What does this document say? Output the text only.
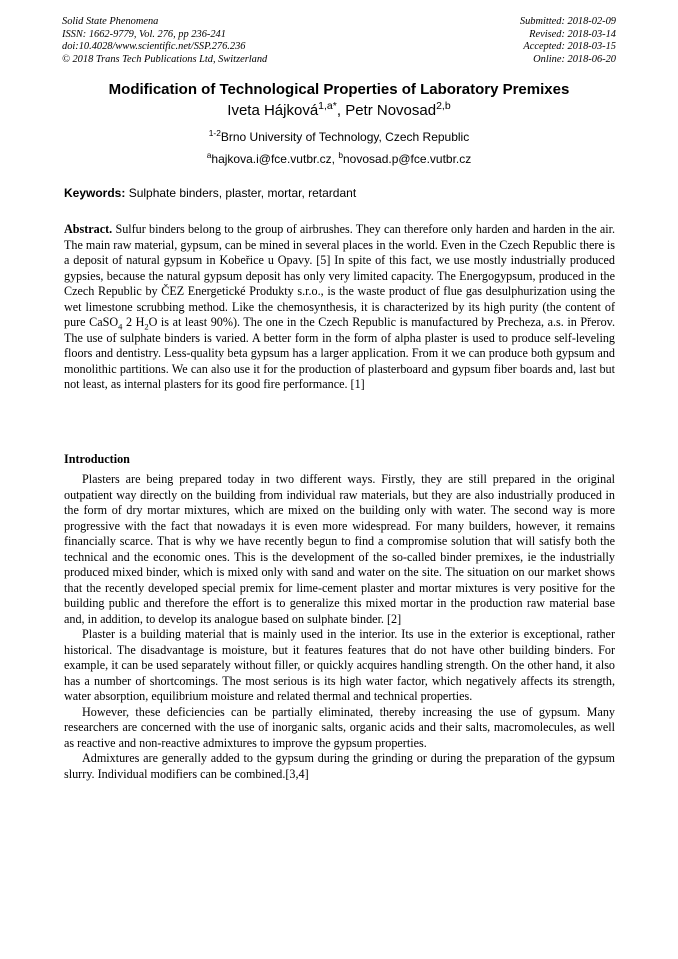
Solid State Phenomena
ISSN: 1662-9779, Vol. 276, pp 236-241
doi:10.4028/www.scientific.net/SSP.276.236
© 2018 Trans Tech Publications Ltd, Switzerland
Submitted: 2018-02-09
Revised: 2018-03-14
Accepted: 2018-03-15
Online: 2018-06-20
Modification of Technological Properties of Laboratory Premixes
Iveta Hájková$^{1,a*}$, Petr Novosad$^{2,b}$
$^{1-2}$Brno University of Technology, Czech Republic
$^a$hajkova.i@fce.vutbr.cz, $^b$novosad.p@fce.vutbr.cz
Keywords: Sulphate binders, plaster, mortar, retardant
Abstract. Sulfur binders belong to the group of airbrushes. They can therefore only harden and harden in the air. The main raw material, gypsum, can be mined in several places in the world. Even in the Czech Republic there is a deposit of natural gypsum in Kobeřice u Opavy. [5] In spite of this fact, we use mostly industrially produced gypsies, because the natural gypsum deposit has only very limited capacity. The Energogypsum, produced in the Czech Republic by ČEZ Energetické Produkty s.r.o., is the waste product of flue gas desulphurization using the wet limestone scrubbing method. Like the chemosynthesis, it is characterized by its high purity (the content of pure CaSO$_4$ 2 $H_2O$ is at least 90%). The one in the Czech Republic is manufactured by Precheza, a.s. in Přerov. The use of sulphate binders is varied. A better form in the form of alpha plaster is used to produce self-leveling floors and dentistry. Less-quality beta gypsum has a larger application. From it we can produce both gypsum and monolithic partitions. We can also use it for the production of plasterboard and gypsum fiber boards and, last but not least, as internal plasters for its good fire performance. [1]
Introduction

Plasters are being prepared today in two different ways. Firstly, they are still prepared in the original outpatient way directly on the building from individual raw materials, but they are also industrially produced in the form of dry mortar mixtures, which are mixed on the building only with water. The second way is more progressive with the fact that nowadays it is even more widespread. For many builders, however, it remains financially scarce. That is why we have recently begun to find a compromise solution that will satisfy both the technical and the economic ones. This is the development of the so-called binder premixes, ie the industrially produced mixed binder, which is mixed only with sand and water on the site. The situation on our market shows that the recently developed special premix for lime-cement plaster and mortar mixtures is very positive for the building public and therefore the effort is to generalize this mixed mortar in the production raw material base and, in addition, to develop its analogue based on sulphate binder. [2]

Plaster is a building material that is mainly used in the interior. Its use in the exterior is exceptional, rather historical. The disadvantage is moisture, but it features features that do not have other building binders. For example, it can be used separately without filler, or quickly acquires handling strength. On the other hand, it also has a number of shortcomings. The most serious is its high water factor, which negatively affects its strength, water absorption, equilibrium moisture and related thermal and technical properties.

However, these deficiencies can be partially eliminated, thereby increasing the use of gypsum. Many researchers are concerned with the use of inorganic salts, organic acids and their salts, macromolecules, as well as reactive and non-reactive admixtures to improve the gypsum properties.

Admixtures are generally added to the gypsum during the grinding or during the preparation of the gypsum slurry. Individual modifiers can be combined.[3,4]
